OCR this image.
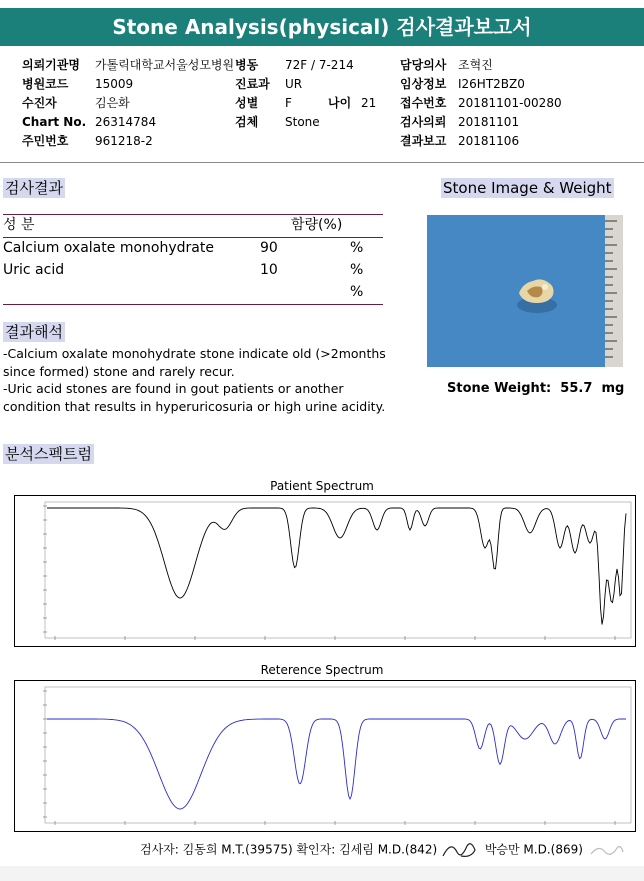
Stone Analysis(physical) 검사결과보고서
의뢰기관명 가톨릭대학교서울성모병원
병원코드 15009
수진자	김은화
Chart No. 26314784
주민번호 961218-2
병동 72F / 7-214
진료과 UR
성별 F	나이 21
검체 Stone
담당의사 조혁진
임상정보 I26HT2BZ0
접수번호 20181101-00280
검사의뢰 20181101
결과보고 20181106
검사결과	Stone Image & Weight
성 분	함량(%)
Calcium oxalate monohydrate	90	%
Uric acid	10	%
%
Stone Weight: 55.7 mg
결과해석
-Calcium oxalate monohydrate stone indicate old (>2months
since formed) stone and rarely recur.
-Uric acid stones are found in gout patients or another
condition that results in hyperuricosuria or high urine acidity.
분석스펙트럼
Patient Spectrum
Reterence Spectrum
검사자: 김동희 M.T.(39575) 확인자: 김세림 M.D.(842)	박승만 M.D.(869)
